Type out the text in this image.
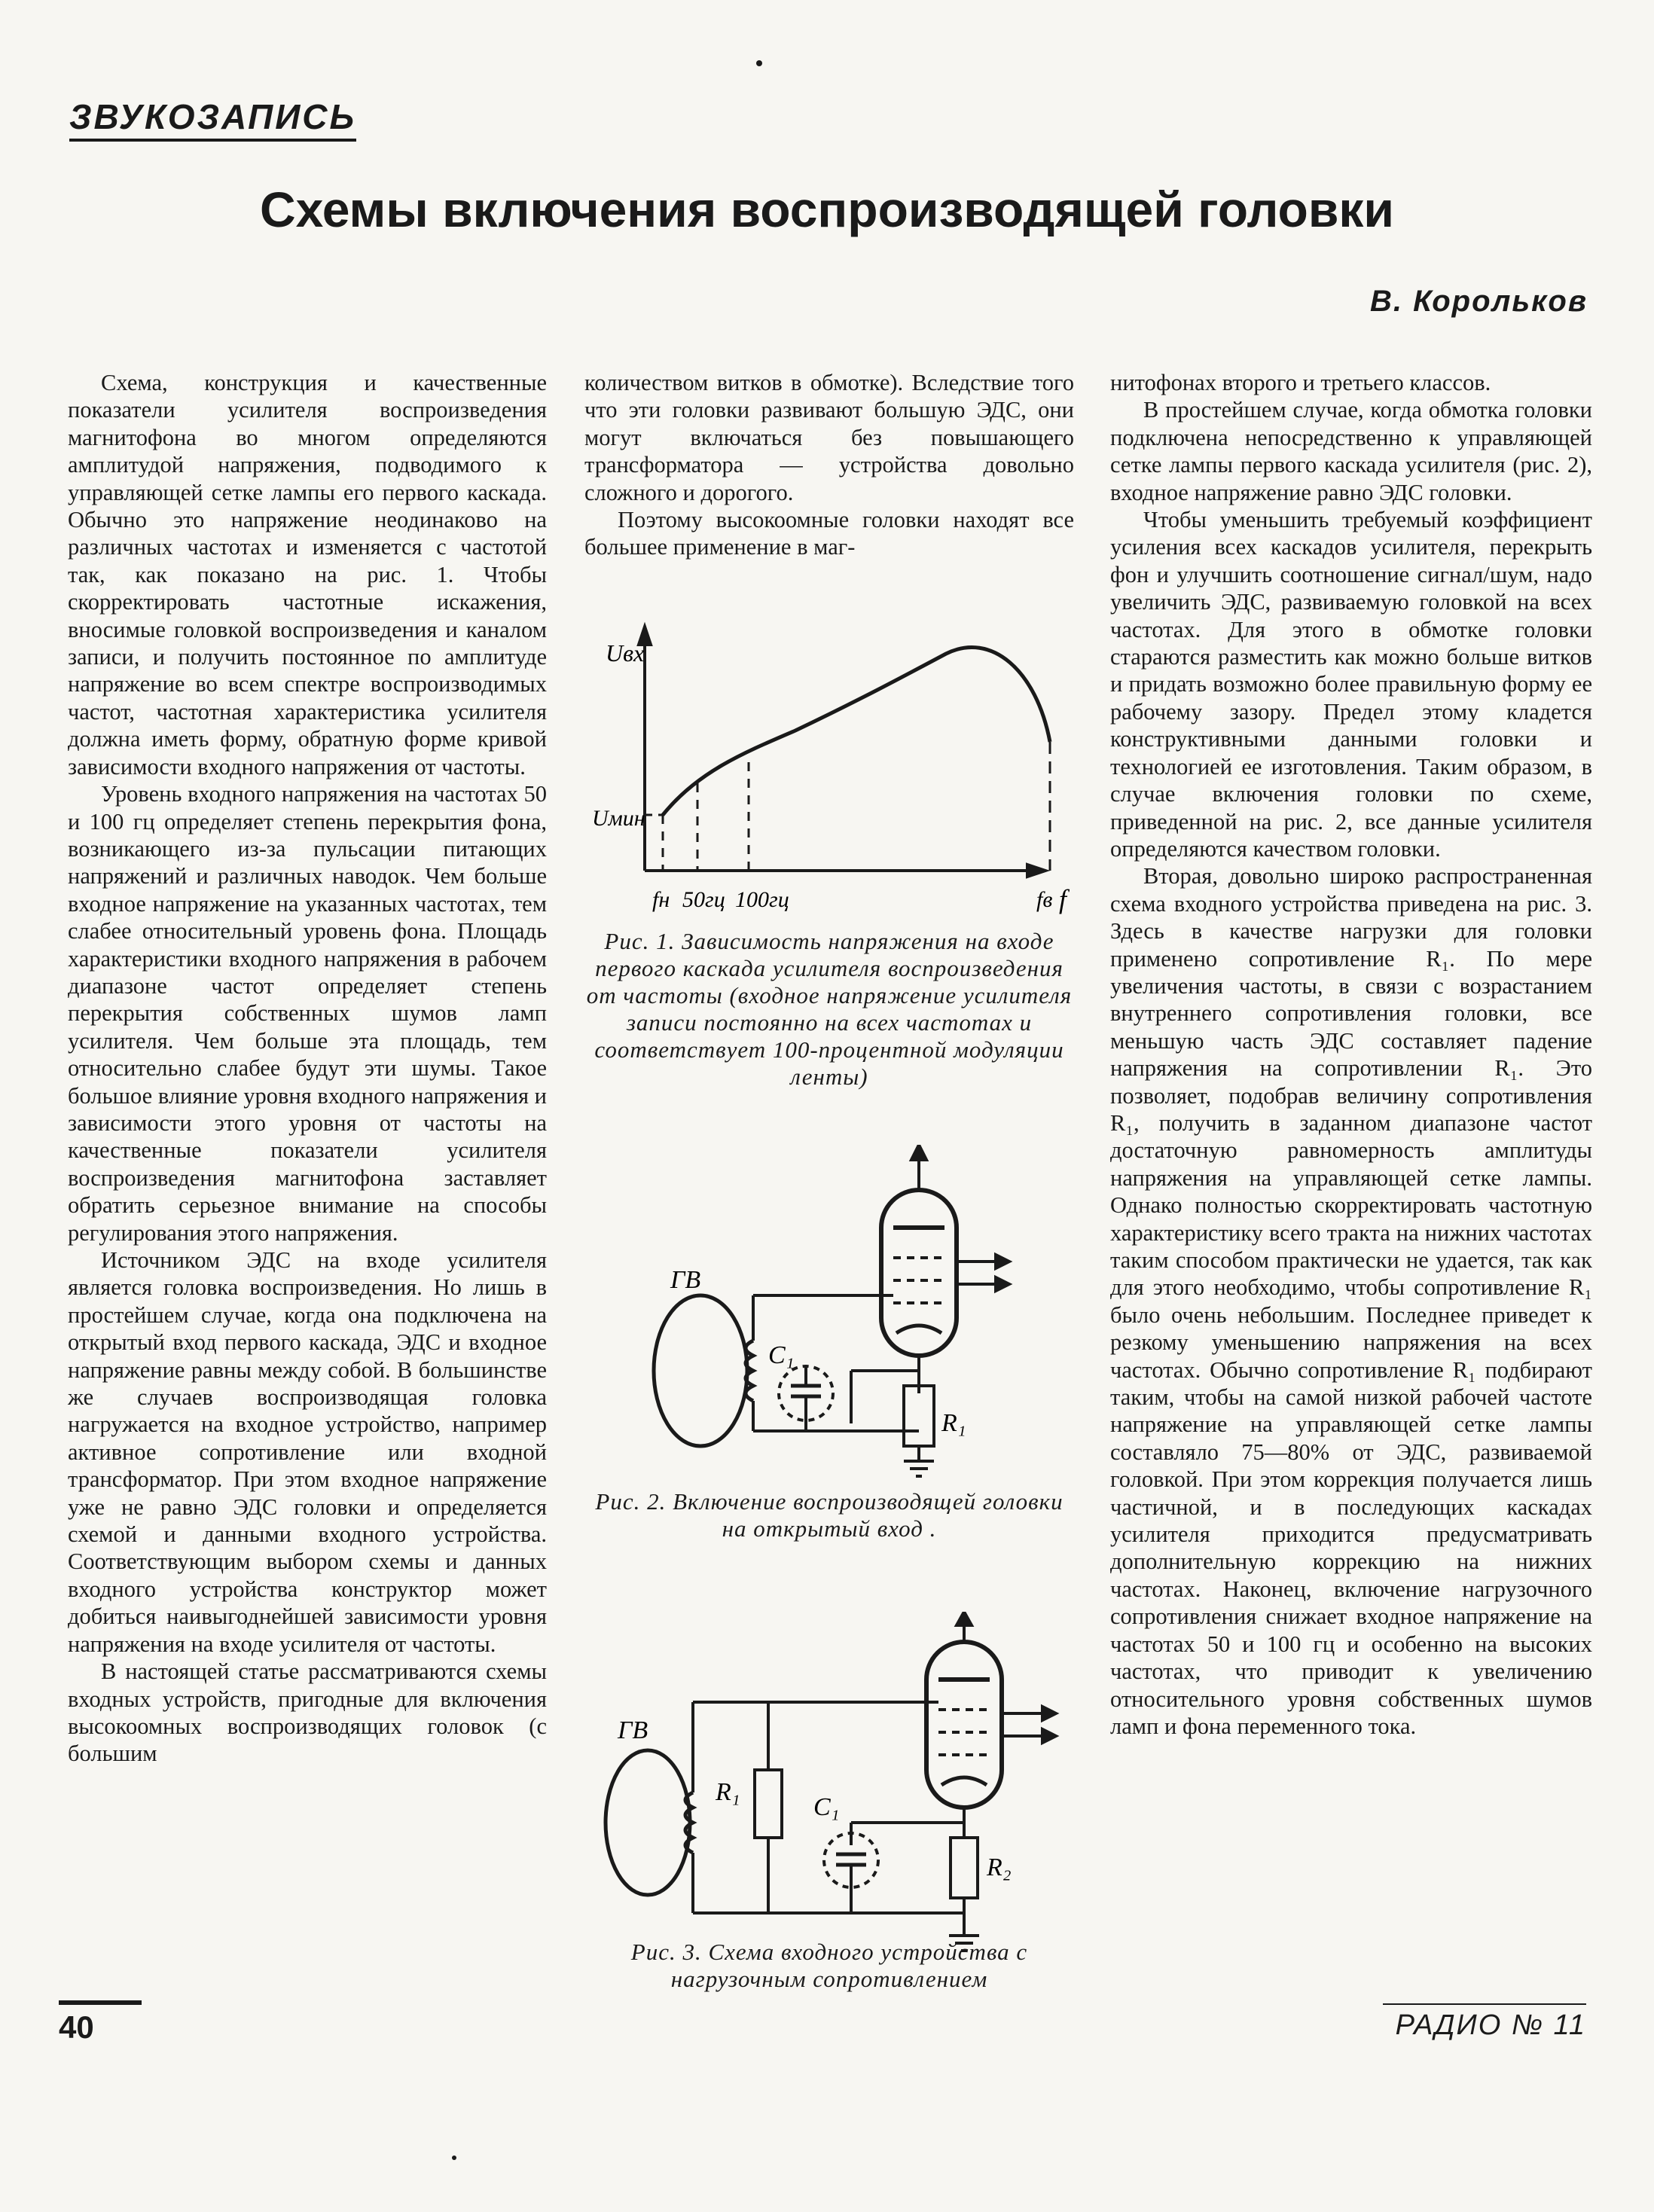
ЗВУКОЗАПИСЬ
Схемы включения воспроизводящей головки
В. Корольков

Схема, конструкция и качественные показатели усилителя воспроизведения магнитофона во многом определяются амплитудой напряжения, подводимого к управляющей сетке лампы его первого каскада. Обычно это напряжение неодинаково на различных частотах и изменяется с частотой так, как показано на рис. 1. Чтобы скорректировать частотные искажения, вносимые головкой воспроизведения и каналом записи, и получить постоянное по амплитуде напряжение во всем спектре воспроизводимых частот, частотная характеристика усилителя должна иметь форму, обратную форме кривой зависимости входного напряжения от частоты.

Уровень входного напряжения на частотах 50 и 100 гц определяет степень перекрытия фона, возникающего из-за пульсации питающих напряжений и различных наводок. Чем больше входное напряжение на указанных частотах, тем слабее относительный уровень фона. Площадь характеристики входного напряжения в рабочем диапазоне частот определяет степень перекрытия собственных шумов ламп усилителя. Чем больше эта площадь, тем относительно слабее будут эти шумы. Такое большое влияние уровня входного напряжения и зависимости этого уровня от частоты на качественные показатели усилителя воспроизведения магнитофона заставляет обратить серьезное внимание на способы регулирования этого напряжения.

Источником ЭДС на входе усилителя является головка воспроизведения. Но лишь в простейшем случае, когда она подключена на открытый вход первого каскада, ЭДС и входное напряжение равны между собой. В большинстве же случаев воспроизводящая головка нагружается на входное устройство, например активное сопротивление или входной трансформатор. При этом входное напряжение уже не равно ЭДС головки и определяется схемой и данными входного устройства. Соответствующим выбором схемы и данных входного устройства конструктор может добиться наивыгоднейшей зависимости уровня напряжения на входе усилителя от частоты.

В настоящей статье рассматриваются схемы входных устройств, пригодные для включения высокоомных воспроизводящих головок (с большим

количеством витков в обмотке). Вследствие того что эти головки развивают большую ЭДС, они могут включаться без повышающего трансформатора — устройства довольно сложного и дорогого.

Поэтому высокоомные головки находят все большее применение в маг-

Uвх
Uмин
f
fн 50гц 100гц	fв
Рис. 1. Зависимость напряжения на входе первого каскада усилителя воспроизведения от частоты (входное напряжение усилителя записи постоянно на всех частотах и соответствует 100-процентной модуляции ленты)
ГВ
C₁
R₁
Рис. 2. Включение воспроизводящей головки на открытый вход .
ГВ
R₁
C₁
R₂
Рис. 3. Схема входного устройства с нагрузочным сопротивлением

нитофонах второго и третьего классов.

В простейшем случае, когда обмотка головки подключена непосредственно к управляющей сетке лампы первого каскада усилителя (рис. 2), входное напряжение равно ЭДС головки.

Чтобы уменьшить требуемый коэффициент усиления всех каскадов усилителя, перекрыть фон и улучшить соотношение сигнал/шум, надо увеличить ЭДС, развиваемую головкой на всех частотах. Для этого в обмотке головки стараются разместить как можно больше витков и придать возможно более правильную форму ее рабочему зазору. Предел этому кладется конструктивными данными головки и технологией ее изготовления. Таким образом, в случае включения головки по схеме, приведенной на рис. 2, все данные усилителя определяются качеством головки.

Вторая, довольно широко распространенная схема входного устройства приведена на рис. 3. Здесь в качестве нагрузки для головки применено сопротивление R₁. По мере увеличения частоты, в связи с возрастанием внутреннего сопротивления головки, все меньшую часть ЭДС составляет падение напряжения на сопротивлении R₁. Это позволяет, подобрав величину сопротивления R₁, получить в заданном диапазоне частот достаточную равномерность амплитуды напряжения на управляющей сетке лампы. Однако полностью скорректировать частотную характеристику всего тракта на нижних частотах таким способом практически не удается, так как для этого необходимо, чтобы сопротивление R₁ было очень небольшим. Последнее приведет к резкому уменьшению напряжения на всех частотах. Обычно сопротивление R₁ подбирают таким, чтобы на самой низкой рабочей частоте напряжение на управляющей сетке лампы составляло 75—80% от ЭДС, развиваемой головкой. При этом коррекция получается лишь частичной, и в последующих каскадах усилителя приходится предусматривать дополнительную коррекцию на нижних частотах. Наконец, включение нагрузочного сопротивления снижает входное напряжение на частотах 50 и 100 гц и особенно на высоких частотах, что приводит к увеличению относительного уровня собственных шумов ламп и фона переменного тока.

40	РАДИО № 11
